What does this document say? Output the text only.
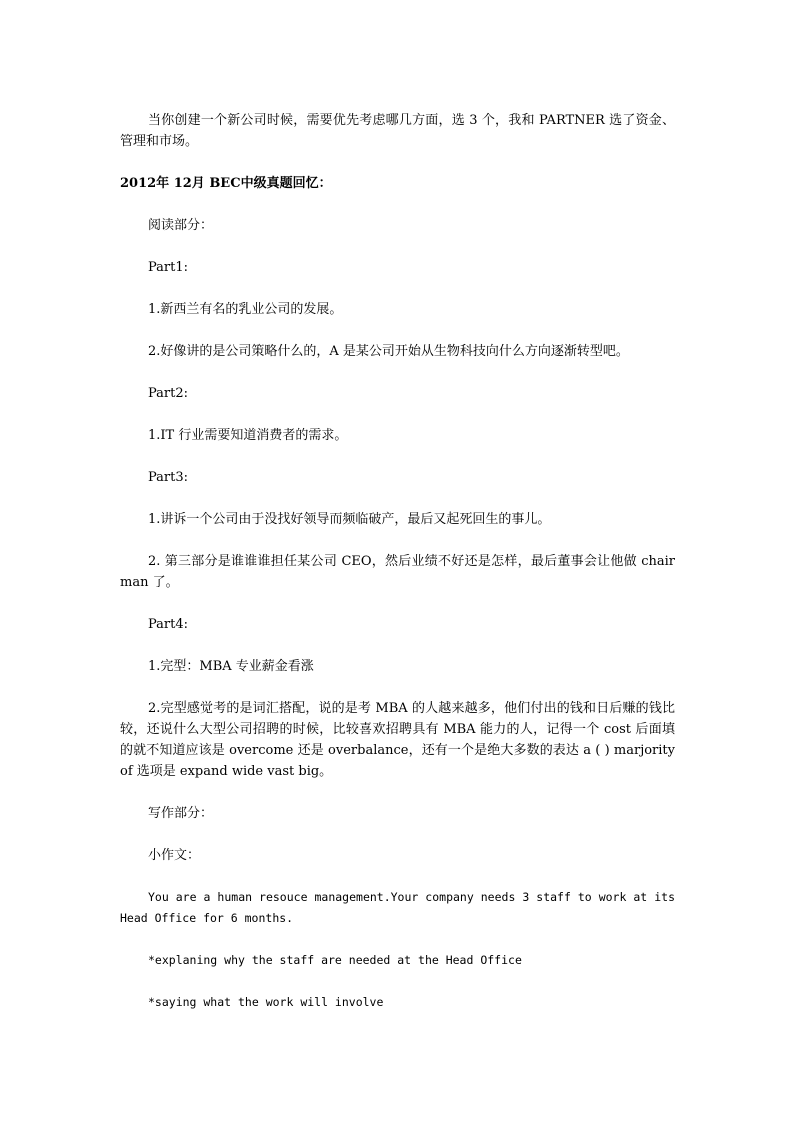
当你创建一个新公司时候，需要优先考虑哪几方面，选 3 个，我和 PARTNER 选了资金、管理和市场。

2012年 12月 BEC中级真题回忆：

阅读部分：

Part1:

1.新西兰有名的乳业公司的发展。

2.好像讲的是公司策略什么的，A 是某公司开始从生物科技向什么方向逐渐转型吧。

Part2:

1.IT 行业需要知道消费者的需求。

Part3:

1.讲诉一个公司由于没找好领导而频临破产，最后又起死回生的事儿。

2. 第三部分是谁谁谁担任某公司 CEO，然后业绩不好还是怎样，最后董事会让他做 chairman 了。

Part4:

1.完型：MBA 专业薪金看涨

2.完型感觉考的是词汇搭配，说的是考 MBA 的人越来越多，他们付出的钱和日后赚的钱比较，还说什么大型公司招聘的时候，比较喜欢招聘具有 MBA 能力的人，记得一个 cost 后面填的就不知道应该是 overcome 还是 overbalance，还有一个是绝大多数的表达 a ( ) marjority of 选项是 expand wide vast big。

写作部分：

小作文：

You are a human resouce management.Your company needs 3 staff to work at its Head Office for 6 months.

*explaning why the staff are needed at the Head Office

*saying what the work will involve
